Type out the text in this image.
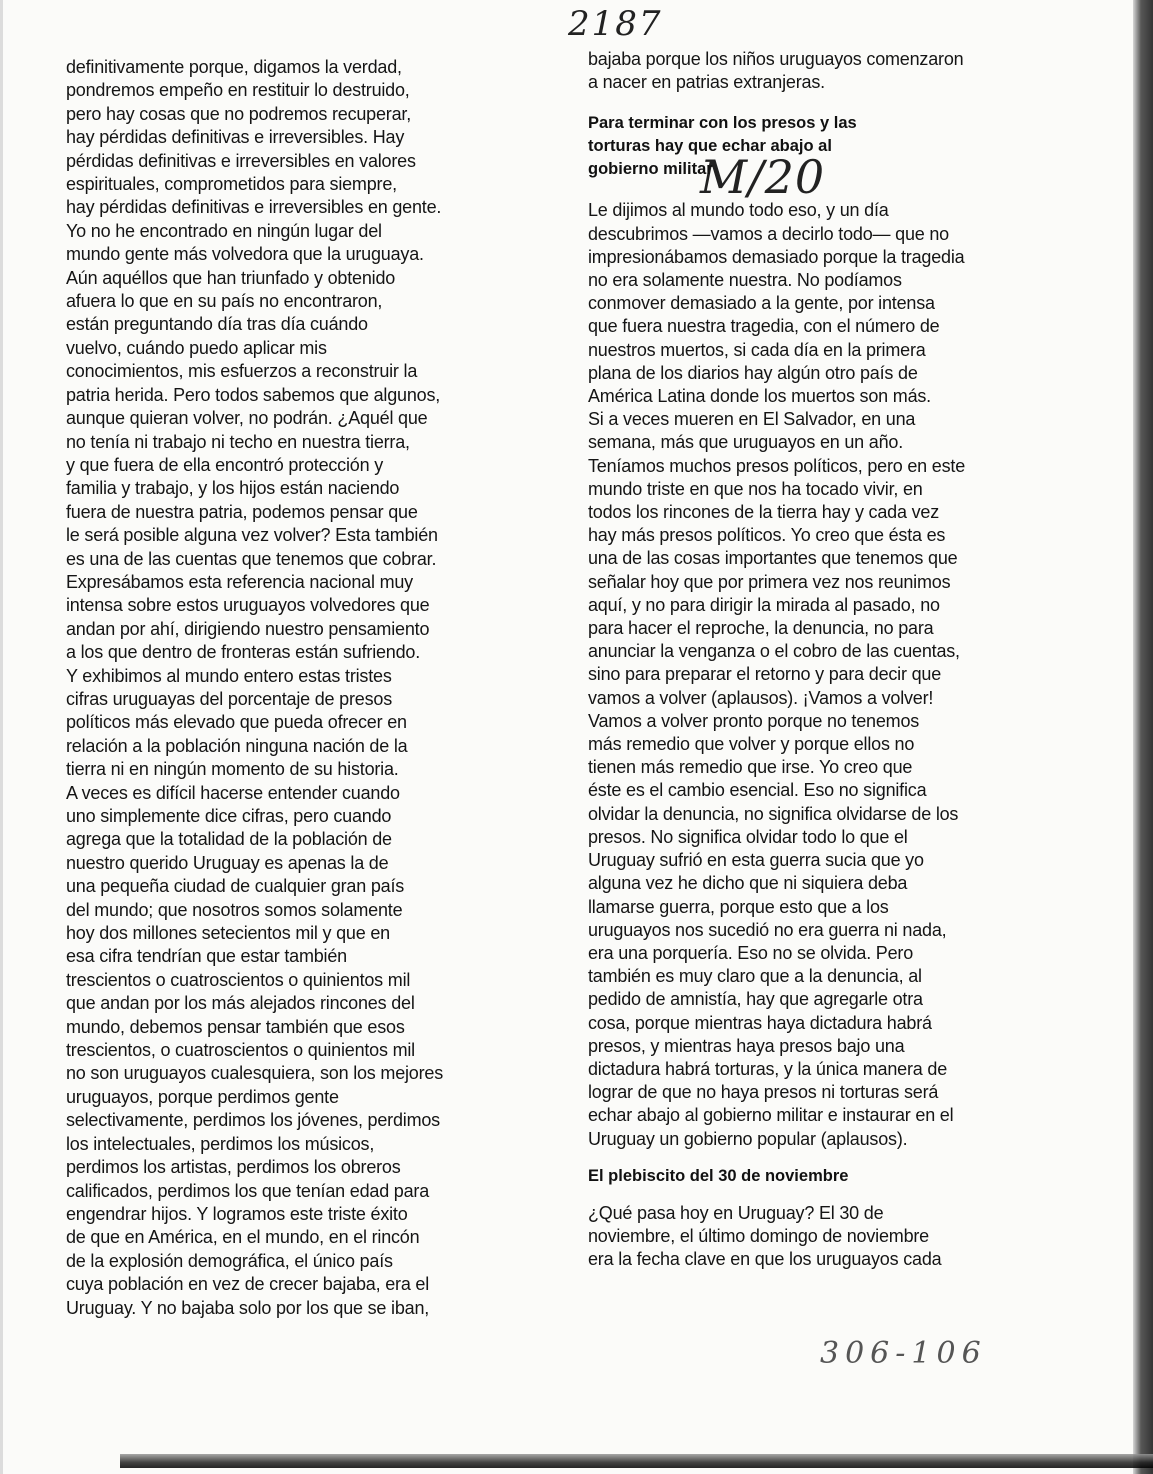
2187
M/20
306-106
definitivamente porque, digamos la verdad,
pondremos empeño en restituir lo destruido,
pero hay cosas que no podremos recuperar,
hay pérdidas definitivas e irreversibles. Hay
pérdidas definitivas e irreversibles en valores
espirituales, comprometidos para siempre,
hay pérdidas definitivas e irreversibles en gente.
Yo no he encontrado en ningún lugar del
mundo gente más volvedora que la uruguaya.
Aún aquéllos que han triunfado y obtenido
afuera lo que en su país no encontraron,
están preguntando día tras día cuándo
vuelvo, cuándo puedo aplicar mis
conocimientos, mis esfuerzos a reconstruir la
patria herida. Pero todos sabemos que algunos,
aunque quieran volver, no podrán. ¿Aquél que
no tenía ni trabajo ni techo en nuestra tierra,
y que fuera de ella encontró protección y
familia y trabajo, y los hijos están naciendo
fuera de nuestra patria, podemos pensar que
le será posible alguna vez volver? Esta también
es una de las cuentas que tenemos que cobrar.
Expresábamos esta referencia nacional muy
intensa sobre estos uruguayos volvedores que
andan por ahí, dirigiendo nuestro pensamiento
a los que dentro de fronteras están sufriendo.
Y exhibimos al mundo entero estas tristes
cifras uruguayas del porcentaje de presos
políticos más elevado que pueda ofrecer en
relación a la población ninguna nación de la
tierra ni en ningún momento de su historia.
A veces es difícil hacerse entender cuando
uno simplemente dice cifras, pero cuando
agrega que la totalidad de la población de
nuestro querido Uruguay es apenas la de
una pequeña ciudad de cualquier gran país
del mundo; que nosotros somos solamente
hoy dos millones setecientos mil y que en
esa cifra tendrían que estar también
trescientos o cuatroscientos o quinientos mil
que andan por los más alejados rincones del
mundo, debemos pensar también que esos
trescientos, o cuatroscientos o quinientos mil
no son uruguayos cualesquiera, son los mejores
uruguayos, porque perdimos gente
selectivamente, perdimos los jóvenes, perdimos
los intelectuales, perdimos los músicos,
perdimos los artistas, perdimos los obreros
calificados, perdimos los que tenían edad para
engendrar hijos. Y logramos este triste éxito
de que en América, en el mundo, en el rincón
de la explosión demográfica, el único país
cuya población en vez de crecer bajaba, era el
Uruguay. Y no bajaba solo por los que se iban,
bajaba porque los niños uruguayos comenzaron
a nacer en patrias extranjeras.
Para terminar con los presos y las
torturas hay que echar abajo al
gobierno militar
Le dijimos al mundo todo eso, y un día
descubrimos —vamos a decirlo todo— que no
impresionábamos demasiado porque la tragedia
no era solamente nuestra. No podíamos
conmover demasiado a la gente, por intensa
que fuera nuestra tragedia, con el número de
nuestros muertos, si cada día en la primera
plana de los diarios hay algún otro país de
América Latina donde los muertos son más.
Si a veces mueren en El Salvador, en una
semana, más que uruguayos en un año.
Teníamos muchos presos políticos, pero en este
mundo triste en que nos ha tocado vivir, en
todos los rincones de la tierra hay y cada vez
hay más presos políticos. Yo creo que ésta es
una de las cosas importantes que tenemos que
señalar hoy que por primera vez nos reunimos
aquí, y no para dirigir la mirada al pasado, no
para hacer el reproche, la denuncia, no para
anunciar la venganza o el cobro de las cuentas,
sino para preparar el retorno y para decir que
vamos a volver (aplausos). ¡Vamos a volver!
Vamos a volver pronto porque no tenemos
más remedio que volver y porque ellos no
tienen más remedio que irse. Yo creo que
éste es el cambio esencial. Eso no significa
olvidar la denuncia, no significa olvidarse de los
presos. No significa olvidar todo lo que el
Uruguay sufrió en esta guerra sucia que yo
alguna vez he dicho que ni siquiera deba
llamarse guerra, porque esto que a los
uruguayos nos sucedió no era guerra ni nada,
era una porquería. Eso no se olvida. Pero
también es muy claro que a la denuncia, al
pedido de amnistía, hay que agregarle otra
cosa, porque mientras haya dictadura habrá
presos, y mientras haya presos bajo una
dictadura habrá torturas, y la única manera de
lograr de que no haya presos ni torturas será
echar abajo al gobierno militar e instaurar en el
Uruguay un gobierno popular (aplausos).
El plebiscito del 30 de noviembre
¿Qué pasa hoy en Uruguay? El 30 de
noviembre, el último domingo de noviembre
era la fecha clave en que los uruguayos cada
